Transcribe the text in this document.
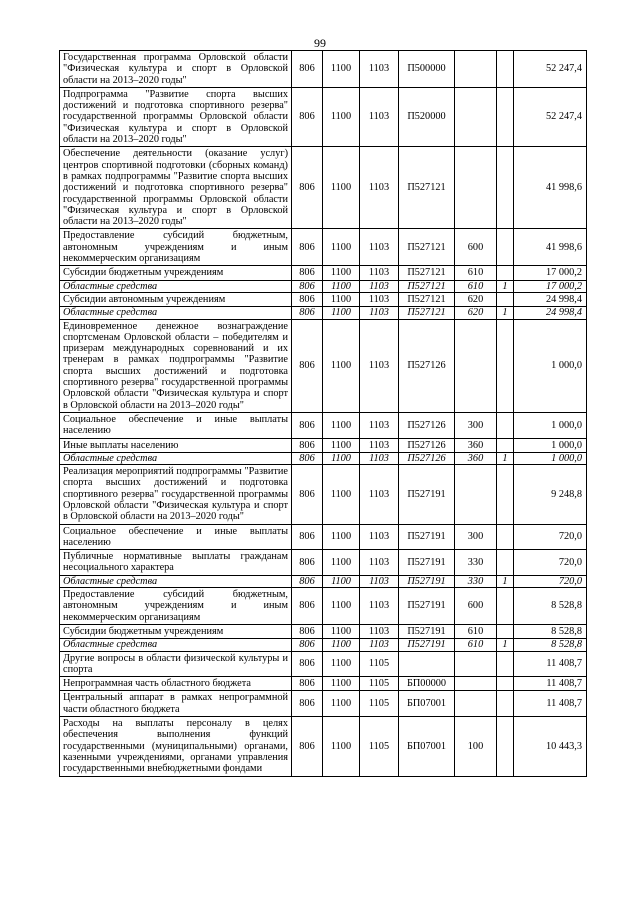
99
Государственная программа Орловской области "Физическая культура и спорт в Орловской области на 2013–2020 годы"	806	1100	1103	П500000			52 247,4
Подпрограмма "Развитие спорта высших достижений и подготовка спортивного резерва" государственной программы Орловской области "Физическая культура и спорт в Орловской области на 2013–2020 годы"	806	1100	1103	П520000			52 247,4
Обеспечение деятельности (оказание услуг) центров спортивной подготовки (сборных команд) в рамках подпрограммы "Развитие спорта высших достижений и подготовка спортивного резерва" государственной программы Орловской области "Физическая культура и спорт в Орловской области на 2013–2020 годы"	806	1100	1103	П527121			41 998,6
Предоставление субсидий бюджетным, автономным учреждениям и иным некоммерческим организациям	806	1100	1103	П527121	600		41 998,6
Субсидии бюджетным учреждениям	806	1100	1103	П527121	610		17 000,2
Областные средства	806	1100	1103	П527121	610	1	17 000,2
Субсидии автономным учреждениям	806	1100	1103	П527121	620		24 998,4
Областные средства	806	1100	1103	П527121	620	1	24 998,4
Единовременное денежное вознаграждение спортсменам Орловской области – победителям и призерам международных соревнований и их тренерам в рамках подпрограммы "Развитие спорта высших достижений и подготовка спортивного резерва" государственной программы Орловской области "Физическая культура и спорт в Орловской области на 2013–2020 годы"	806	1100	1103	П527126			1 000,0
Социальное обеспечение и иные выплаты населению	806	1100	1103	П527126	300		1 000,0
Иные выплаты населению	806	1100	1103	П527126	360		1 000,0
Областные средства	806	1100	1103	П527126	360	1	1 000,0
Реализация мероприятий подпрограммы "Развитие спорта высших достижений и подготовка спортивного резерва" государственной программы Орловской области "Физическая культура и спорт в Орловской области на 2013–2020 годы"	806	1100	1103	П527191			9 248,8
Социальное обеспечение и иные выплаты населению	806	1100	1103	П527191	300		720,0
Публичные нормативные выплаты гражданам несоциального характера	806	1100	1103	П527191	330		720,0
Областные средства	806	1100	1103	П527191	330	1	720,0
Предоставление субсидий бюджетным, автономным учреждениям и иным некоммерческим организациям	806	1100	1103	П527191	600		8 528,8
Субсидии бюджетным учреждениям	806	1100	1103	П527191	610		8 528,8
Областные средства	806	1100	1103	П527191	610	1	8 528,8
Другие вопросы в области физической культуры и спорта	806	1100	1105				11 408,7
Непрограммная часть областного бюджета	806	1100	1105	БП00000			11 408,7
Центральный аппарат в рамках непрограммной части областного бюджета	806	1100	1105	БП07001			11 408,7
Расходы на выплаты персоналу в целях обеспечения выполнения функций государственными (муниципальными) органами, казенными учреждениями, органами управления государственными внебюджетными фондами	806	1100	1105	БП07001	100		10 443,3
